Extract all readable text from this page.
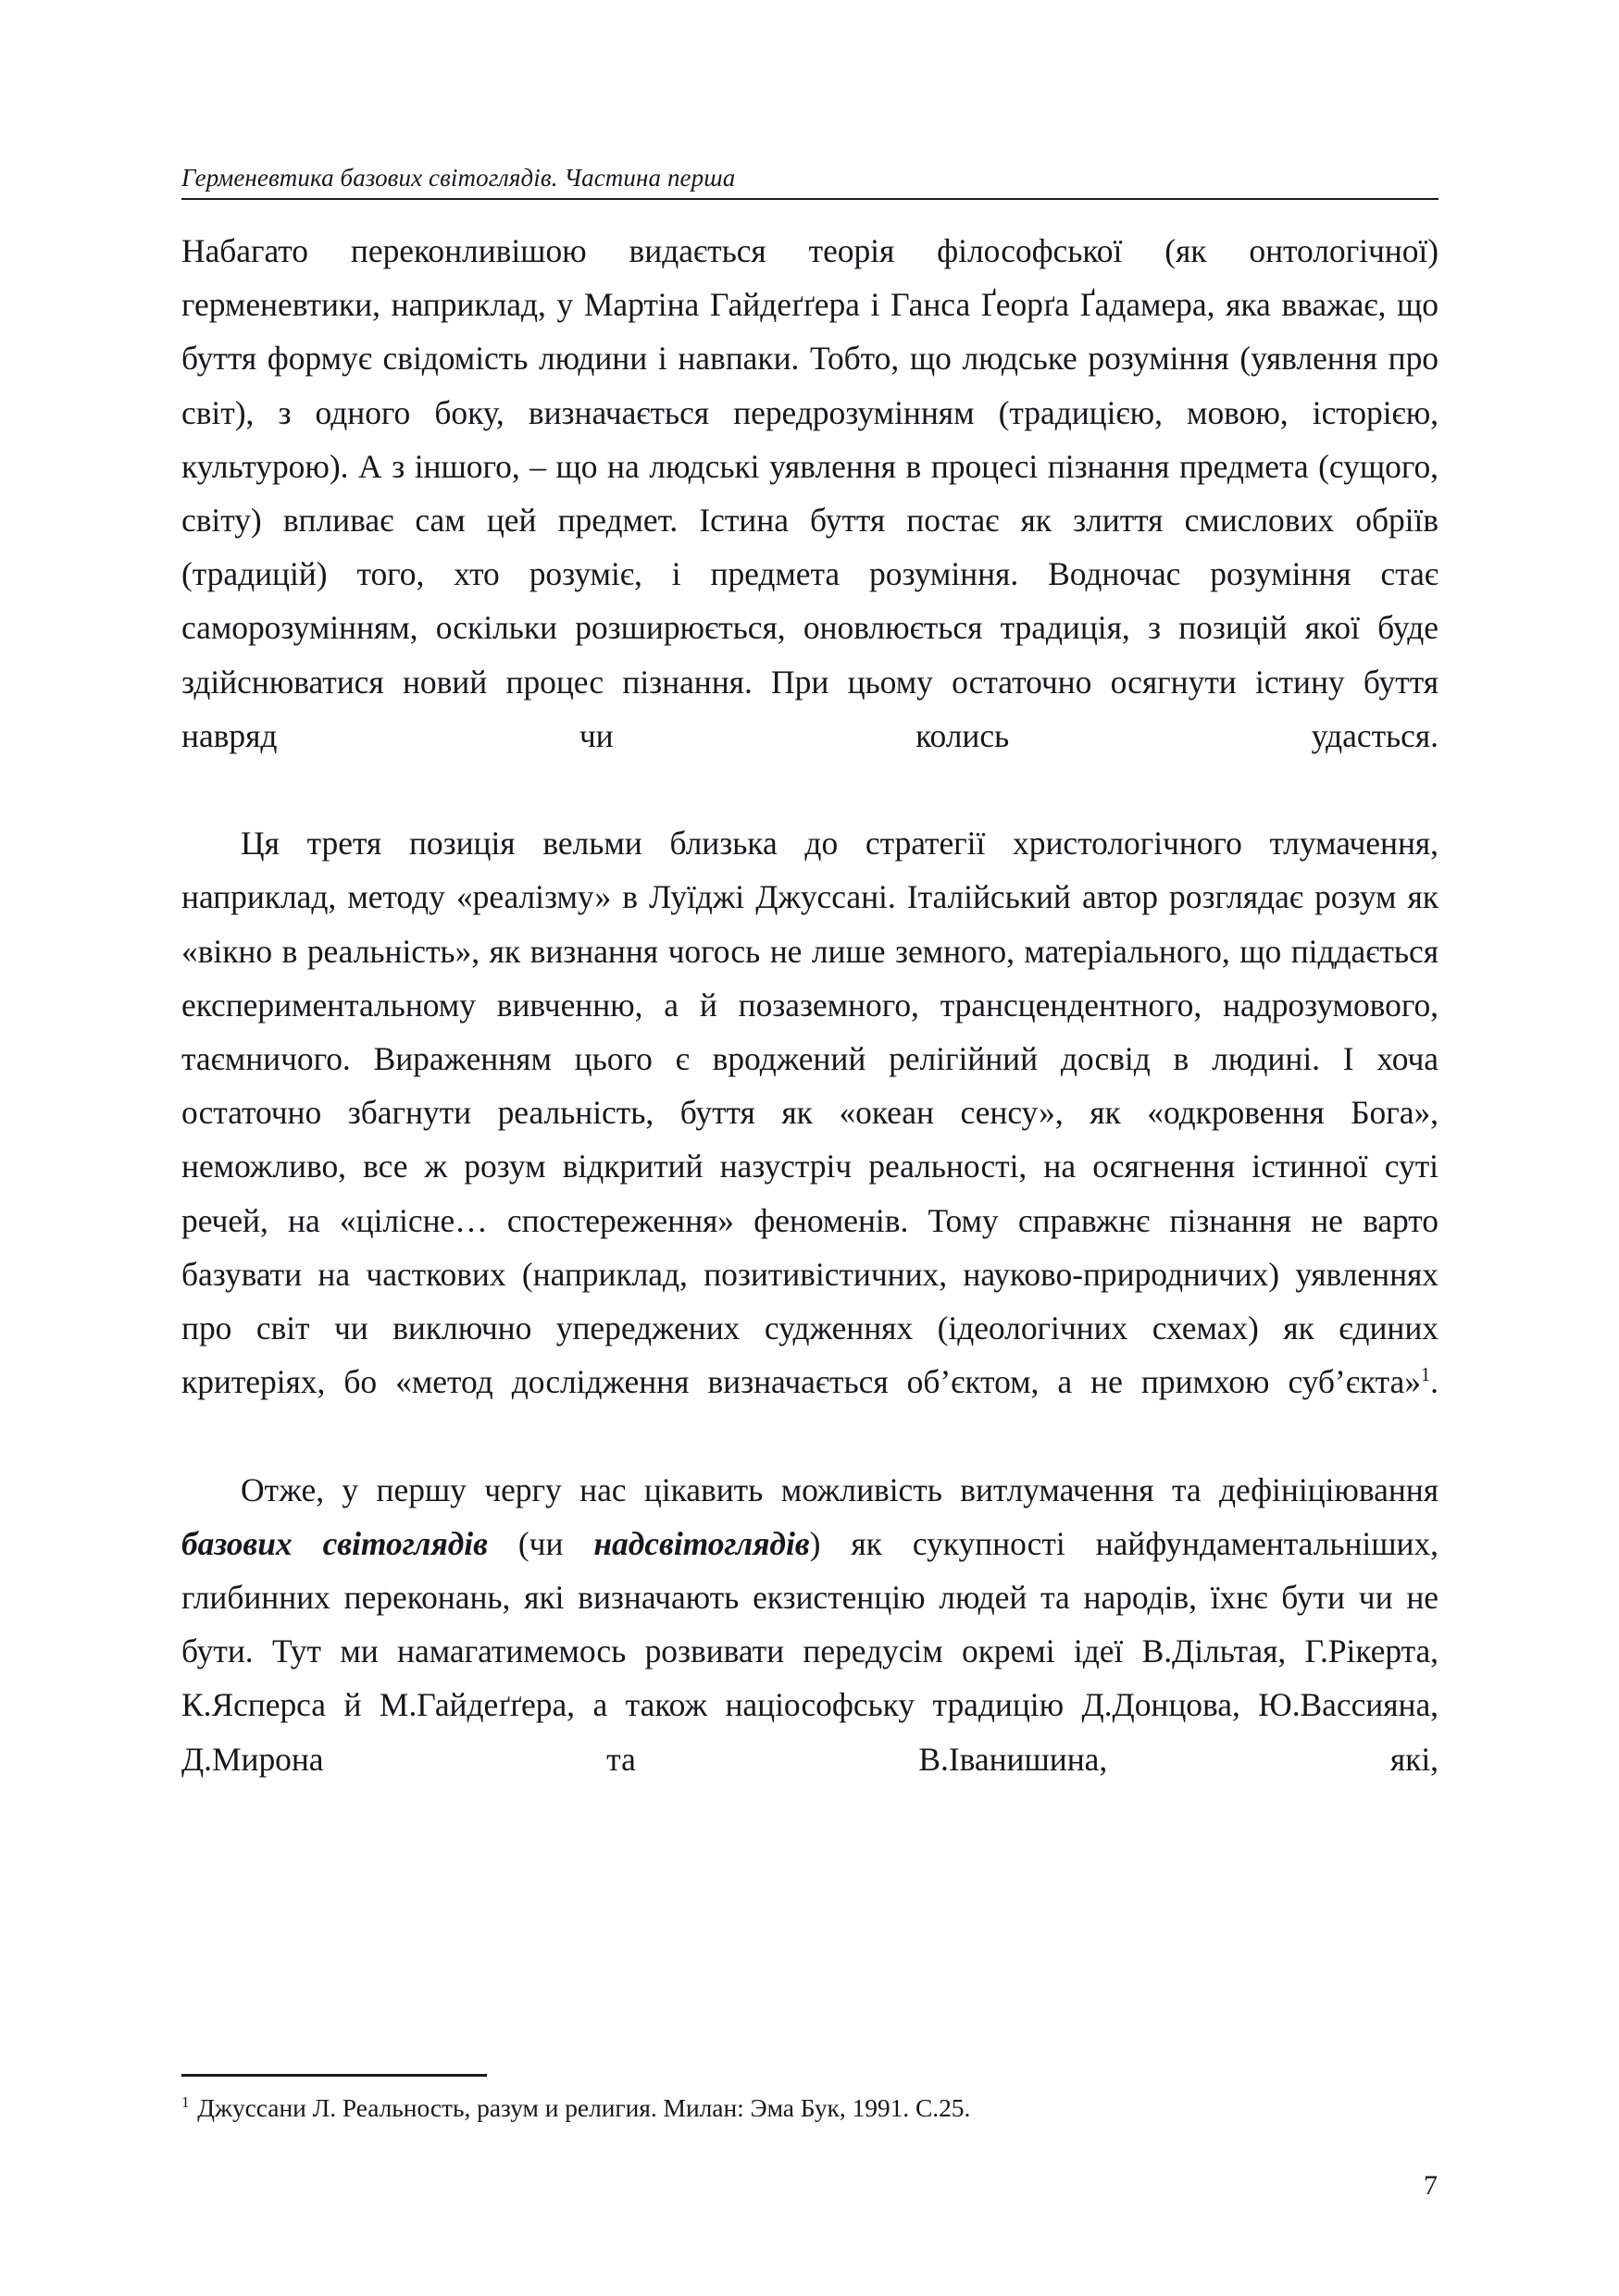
Герменевтика базових світоглядів. Частина перша

Набагато переконливішою видається теорія філософської (як онтологічної) герменевтики, наприклад, у Мартіна Гайдеґґера і Ганса Ґеорґа Ґадамера, яка вважає, що буття формує свідомість людини і навпаки. Тобто, що людське розуміння (уявлення про світ), з одного боку, визначається передрозумінням (традицією, мовою, історією, культурою). А з іншого, – що на людські уявлення в процесі пізнання предмета (сущого, світу) впливає сам цей предмет. Істина буття постає як злиття смислових обріїв (традицій) того, хто розуміє, і предмета розуміння. Водночас розуміння стає саморозумінням, оскільки розширюється, оновлюється традиція, з позицій якої буде здійснюватися новий процес пізнання. При цьому остаточно осягнути істину буття навряд чи колись удасться.

Ця третя позиція вельми близька до стратегії христологічного тлумачення, наприклад, методу «реалізму» в Луїджі Джуссані. Італійський автор розглядає розум як «вікно в реальність», як визнання чогось не лише земного, матеріального, що піддається експериментальному вивченню, а й позаземного, трансцендентного, надрозумового, таємничого. Вираженням цього є вроджений релігійний досвід в людині. І хоча остаточно збагнути реальність, буття як «океан сенсу», як «одкровення Бога», неможливо, все ж розум відкритий назустріч реальності, на осягнення істинної суті речей, на «цілісне… спостереження» феноменів. Тому справжнє пізнання не варто базувати на часткових (наприклад, позитивістичних, науково-природничих) уявленнях про світ чи виключно упереджених судженнях (ідеологічних схемах) як єдиних критеріях, бо «метод дослідження визначається об’єктом, а не примхою суб’єкта»$^1$.

Отже, у першу чергу нас цікавить можливість витлумачення та дефініціювання базових світоглядів (чи надсвітоглядів) як сукупності найфундаментальніших, глибинних переконань, які визначають екзистенцію людей та народів, їхнє бути чи не бути. Тут ми намагатимемось розвивати передусім окремі ідеї В.Дільтая, Г.Рікерта, К.Ясперса й М.Гайдеґґера, а також націософську традицію Д.Донцова, Ю.Вассияна, Д.Мирона та В.Іванишина, які,

$^1$ Джуссани Л. Реальность, разум и религия. Милан: Эма Бук, 1991. С.25.

7
